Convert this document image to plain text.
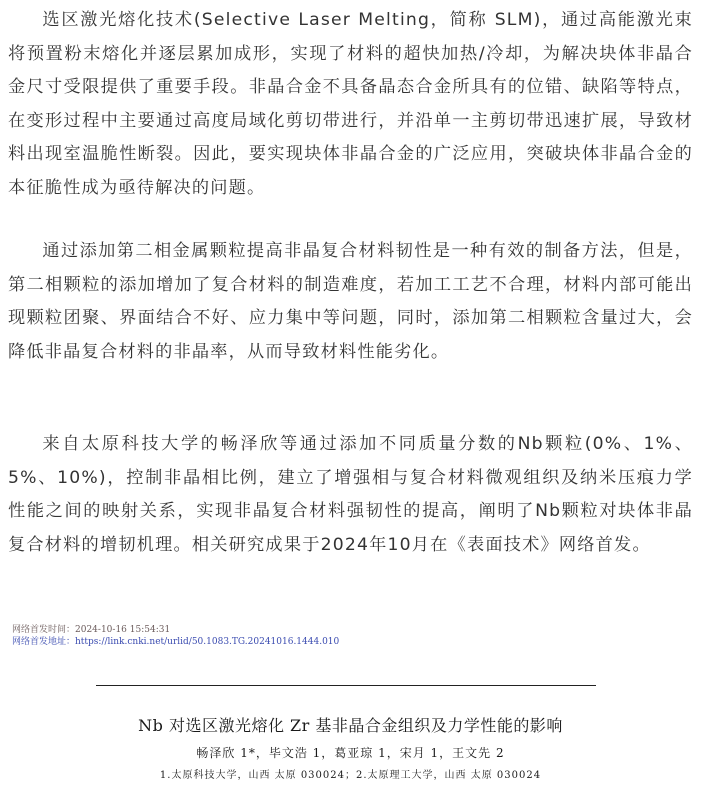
选区激光熔化技术(Selective Laser Melting，简称 SLM)，通过高能激光束将预置粉末熔化并逐层累加成形，实现了材料的超快加热/冷却，为解决块体非晶合金尺寸受限提供了重要手段。非晶合金不具备晶态合金所具有的位错、缺陷等特点，在变形过程中主要通过高度局域化剪切带进行，并沿单一主剪切带迅速扩展，导致材料出现室温脆性断裂。因此，要实现块体非晶合金的广泛应用，突破块体非晶合金的本征脆性成为亟待解决的问题。

通过添加第二相金属颗粒提高非晶复合材料韧性是一种有效的制备方法，但是，第二相颗粒的添加增加了复合材料的制造难度，若加工工艺不合理，材料内部可能出现颗粒团聚、界面结合不好、应力集中等问题，同时，添加第二相颗粒含量过大，会降低非晶复合材料的非晶率，从而导致材料性能劣化。

来自太原科技大学的畅泽欣等通过添加不同质量分数的Nb颗粒(0%、1%、5%、10%)，控制非晶相比例，建立了增强相与复合材料微观组织及纳米压痕力学性能之间的映射关系，实现非晶复合材料强韧性的提高，阐明了Nb颗粒对块体非晶复合材料的增韧机理。相关研究成果于2024年10月在《表面技术》网络首发。

网络首发时间：2024-10-16 15:54:31
网络首发地址：https://link.cnki.net/urlid/50.1083.TG.20241016.1444.010
Nb 对选区激光熔化 Zr 基非晶合金组织及力学性能的影响
畅泽欣 1*，毕文浩 1，葛亚琼 1，宋月 1，王文先 2
1.太原科技大学，山西 太原 030024；2.太原理工大学，山西 太原 030024
